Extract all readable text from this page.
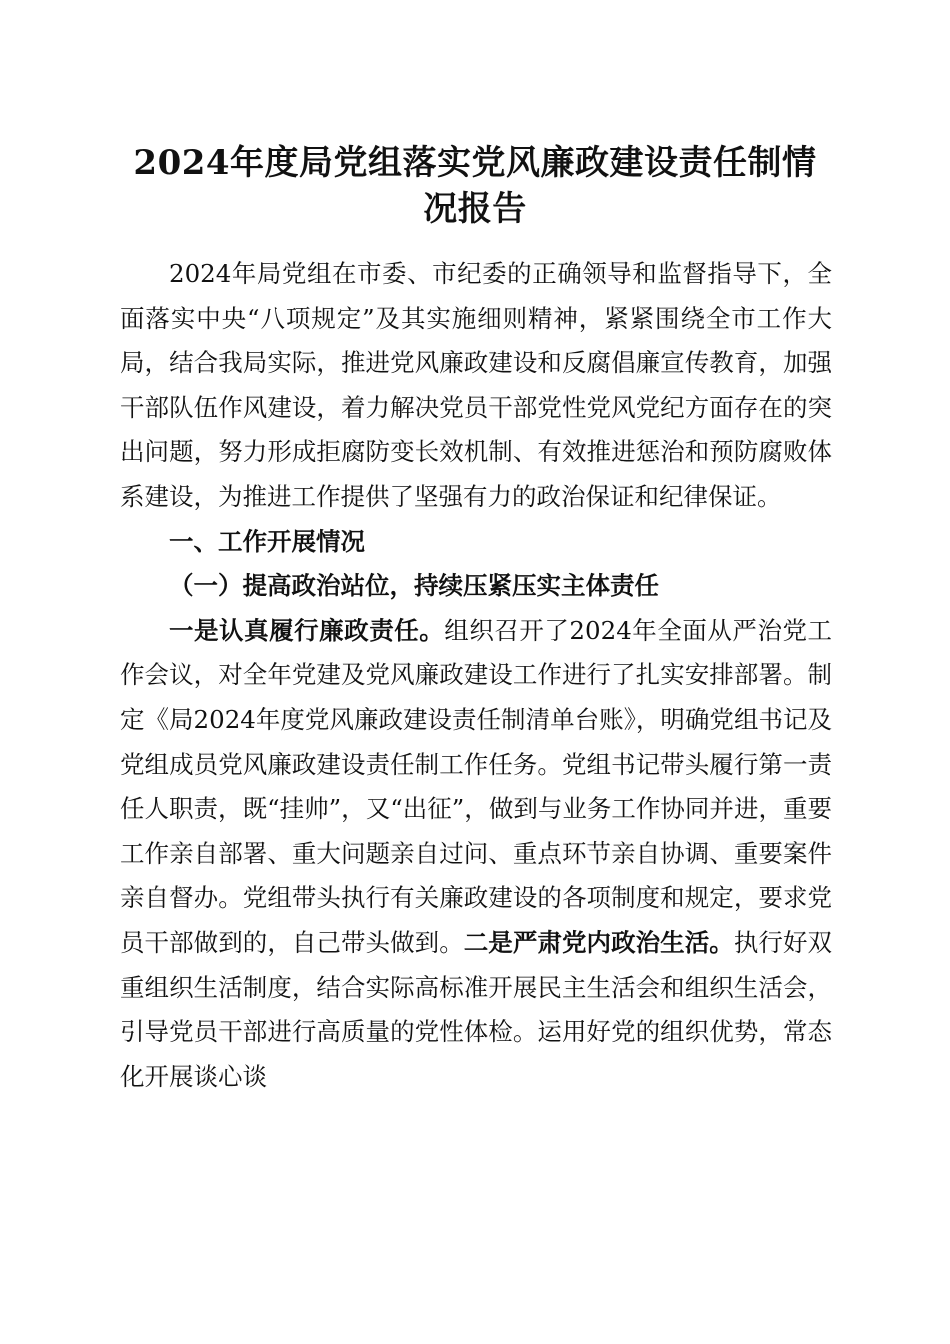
2024年度局党组落实党风廉政建设责任制情况报告

2024年局党组在市委、市纪委的正确领导和监督指导下，全面落实中央“八项规定”及其实施细则精神，紧紧围绕全市工作大局，结合我局实际，推进党风廉政建设和反腐倡廉宣传教育，加强干部队伍作风建设，着力解决党员干部党性党风党纪方面存在的突出问题，努力形成拒腐防变长效机制、有效推进惩治和预防腐败体系建设，为推进工作提供了坚强有力的政治保证和纪律保证。

一、工作开展情况

（一）提高政治站位，持续压紧压实主体责任

一是认真履行廉政责任。组织召开了2024年全面从严治党工作会议，对全年党建及党风廉政建设工作进行了扎实安排部署。制定《局2024年度党风廉政建设责任制清单台账》，明确党组书记及党组成员党风廉政建设责任制工作任务。党组书记带头履行第一责任人职责，既“挂帅”，又“出征”，做到与业务工作协同并进，重要工作亲自部署、重大问题亲自过问、重点环节亲自协调、重要案件亲自督办。党组带头执行有关廉政建设的各项制度和规定，要求党员干部做到的，自己带头做到。二是严肃党内政治生活。执行好双重组织生活制度，结合实际高标准开展民主生活会和组织生活会，引导党员干部进行高质量的党性体检。运用好党的组织优势，常态化开展谈心谈
